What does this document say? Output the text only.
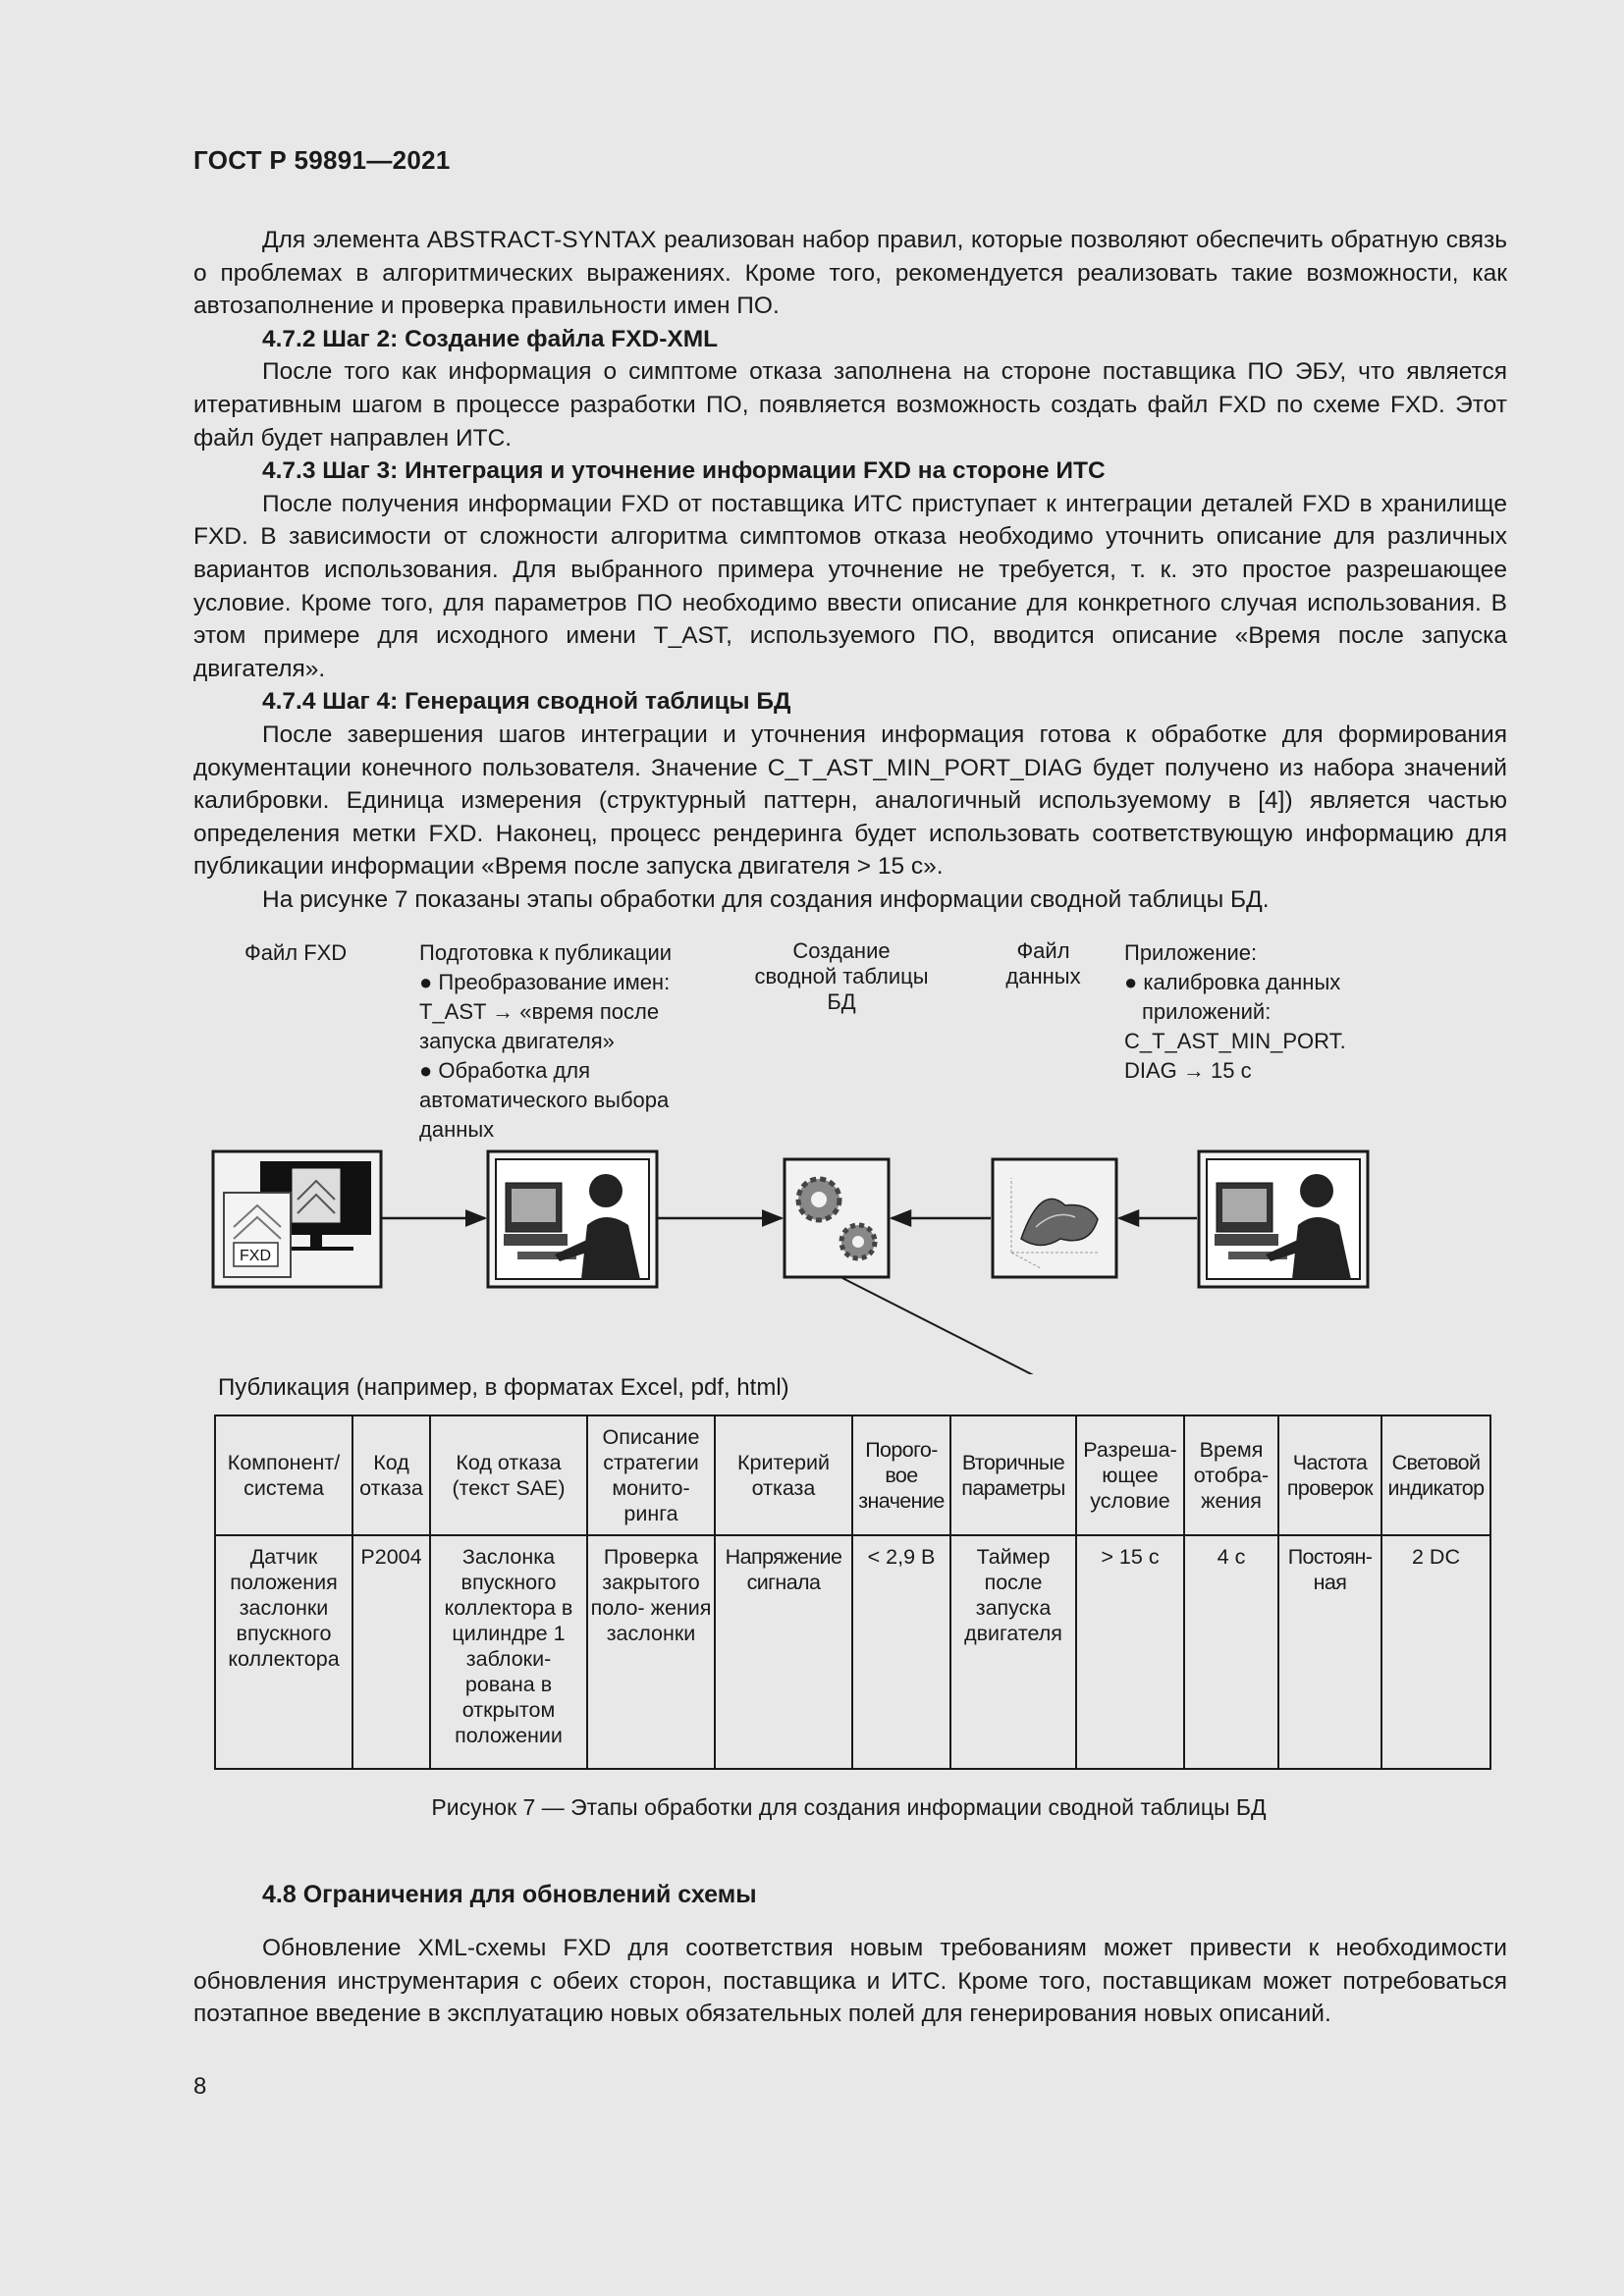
ГОСТ Р 59891—2021

Для элемента ABSTRACT-SYNTAX реализован набор правил, которые позволяют обеспечить обратную связь о проблемах в алгоритмических выражениях. Кроме того, рекомендуется реализовать такие возможности, как автозаполнение и проверка правильности имен ПО.

4.7.2 Шаг 2: Создание файла FXD-XML

После того как информация о симптоме отказа заполнена на стороне поставщика ПО ЭБУ, что является итеративным шагом в процессе разработки ПО, появляется возможность создать файл FXD по схеме FXD. Этот файл будет направлен ИТС.

4.7.3 Шаг 3: Интеграция и уточнение информации FXD на стороне ИТС

После получения информации FXD от поставщика ИТС приступает к интеграции деталей FXD в хранилище FXD. В зависимости от сложности алгоритма симптомов отказа необходимо уточнить описание для различных вариантов использования. Для выбранного примера уточнение не требуется, т. к. это простое разрешающее условие. Кроме того, для параметров ПО необходимо ввести описание для конкретного случая использования. В этом примере для исходного имени T_AST, используемого ПО, вводится описание «Время после запуска двигателя».

4.7.4 Шаг 4: Генерация сводной таблицы БД

После завершения шагов интеграции и уточнения информация готова к обработке для формирования документации конечного пользователя. Значение C_T_AST_MIN_PORT_DIAG будет получено из набора значений калибровки. Единица измерения (структурный паттерн, аналогичный используемому в [4]) является частью определения метки FXD. Наконец, процесс рендеринга будет использовать соответствующую информацию для публикации информации «Время после запуска двигателя > 15 с».

На рисунке 7 показаны этапы обработки для создания информации сводной таблицы БД.

Файл FXD	Подготовка к публикации
● Преобразование имен:
T_AST → «время после
запуска двигателя»
● Обработка для
автоматического выбора
данных
Создание
сводной таблицы
БД
Файл
данных
Приложение:
● калибровка данных
приложений:
C_T_AST_MIN_PORT.
DIAG → 15 с
FXD
Публикация (например, в форматах Excel, pdf, html)
Компонент/ система	Код отказа	Код отказа (текст SAE)	Описание стратегии монито- ринга	Критерий отказа	Порого- вое значение	Вторичные параметры	Разреша- ющее условие	Время отобра- жения	Частота проверок	Световой индикатор
Датчик положения заслонки впускного коллектора	P2004	Заслонка впускного коллектора в цилиндре 1 заблоки- рована в открытом положении	Проверка закрытого поло- жения заслонки	Напряжение сигнала	< 2,9 В	Таймер после запуска двигателя	> 15 с	4 с	Постоян- ная	2 DC
Рисунок 7 — Этапы обработки для создания информации сводной таблицы БД
4.8 Ограничения для обновлений схемы

Обновление XML-схемы FXD для соответствия новым требованиям может привести к необходимости обновления инструментария с обеих сторон, поставщика и ИТС. Кроме того, поставщикам может потребоваться поэтапное введение в эксплуатацию новых обязательных полей для генерирования новых описаний.

8
